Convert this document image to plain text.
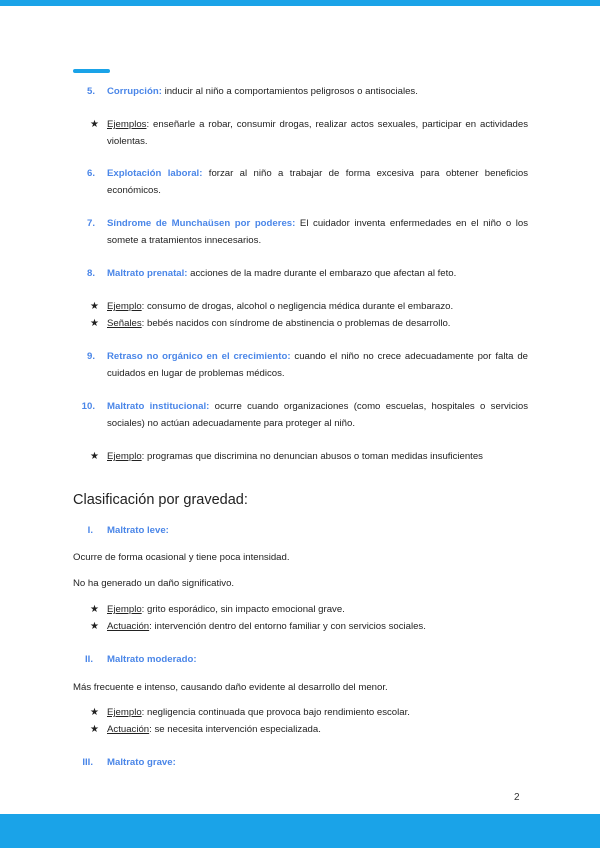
5.	Corrupción: inducir al niño a comportamientos peligrosos o antisociales.
★ Ejemplos: enseñarle a robar, consumir drogas, realizar actos sexuales, participar en actividades violentas.
6.	Explotación laboral: forzar al niño a trabajar de forma excesiva para obtener beneficios económicos.
7.	Síndrome de Munchaüsen por poderes: El cuidador inventa enfermedades en el niño o los somete a tratamientos innecesarios.
8.	Maltrato prenatal: acciones de la madre durante el embarazo que afectan al feto.
★ Ejemplo: consumo de drogas, alcohol o negligencia médica durante el embarazo.
★ Señales: bebés nacidos con síndrome de abstinencia o problemas de desarrollo.
9.	Retraso no orgánico en el crecimiento: cuando el niño no crece adecuadamente por falta de cuidados en lugar de problemas médicos.
10.	Maltrato institucional: ocurre cuando organizaciones (como escuelas, hospitales o servicios sociales) no actúan adecuadamente para proteger al niño.
★ Ejemplo: programas que discrimina no denuncian abusos o toman medidas insuficientes
Clasificación por gravedad:
I.	Maltrato leve:
Ocurre de forma ocasional y tiene poca intensidad.
No ha generado un daño significativo.
★ Ejemplo: grito esporádico, sin impacto emocional grave.
★ Actuación: intervención dentro del entorno familiar y con servicios sociales.
II.	Maltrato moderado:
Más frecuente e intenso, causando daño evidente al desarrollo del menor.
★ Ejemplo: negligencia continuada que provoca bajo rendimiento escolar.
★ Actuación: se necesita intervención especializada.
III.	Maltrato grave:
2
